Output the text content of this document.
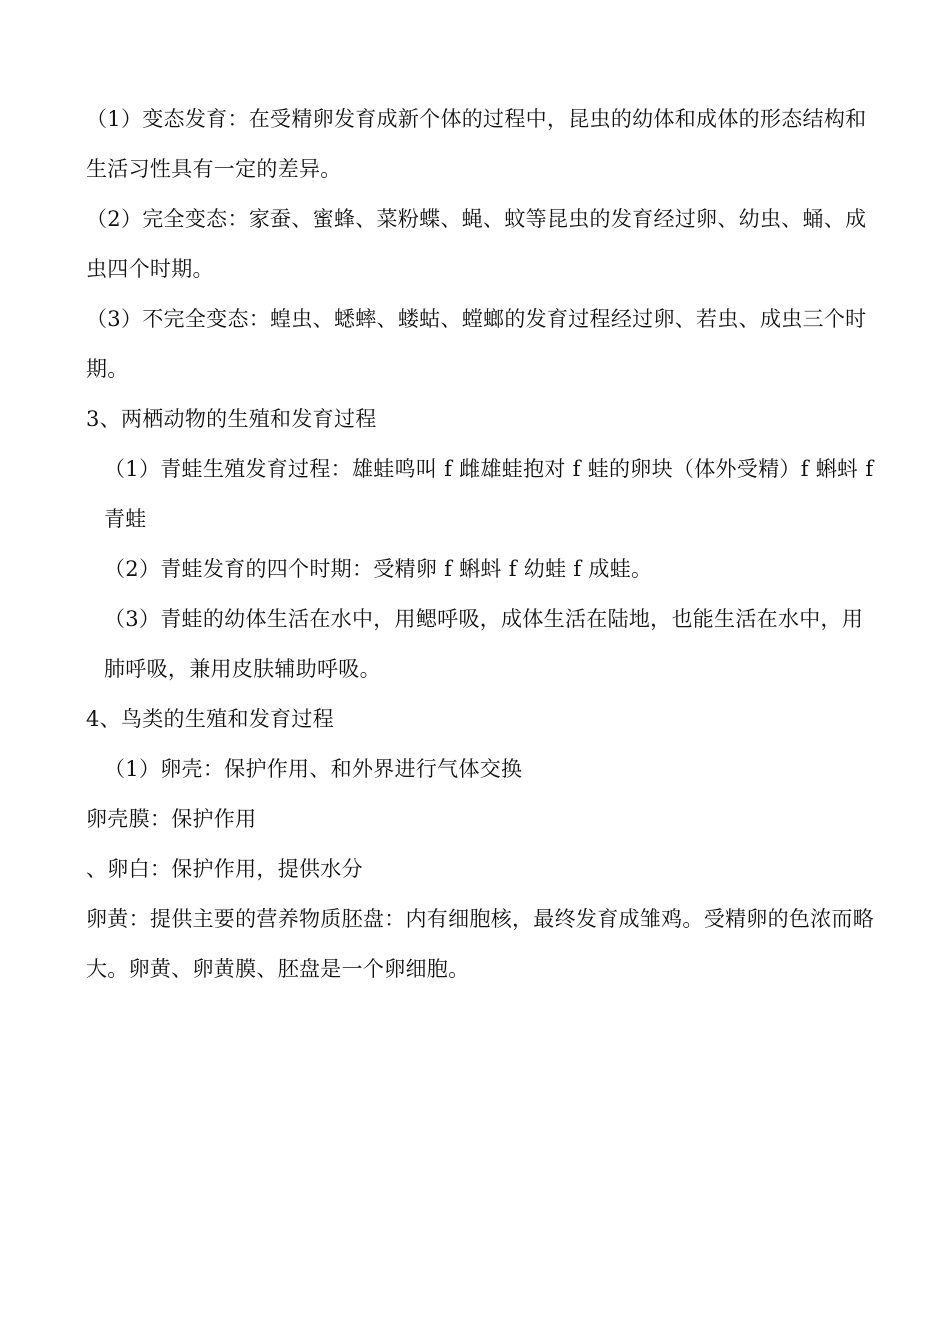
（1）变态发育：在受精卵发育成新个体的过程中，昆虫的幼体和成体的形态结构和生活习性具有一定的差异。

（2）完全变态：家蚕、蜜蜂、菜粉蝶、蝇、蚊等昆虫的发育经过卵、幼虫、蛹、成虫四个时期。

（3）不完全变态：蝗虫、蟋蟀、蝼蛄、螳螂的发育过程经过卵、若虫、成虫三个时期。

3、两栖动物的生殖和发育过程

（1）青蛙生殖发育过程：雄蛙鸣叫 f 雌雄蛙抱对 f 蛙的卵块（体外受精）f 蝌蚪 f 青蛙

（2）青蛙发育的四个时期：受精卵 f 蝌蚪 f 幼蛙 f 成蛙。

（3）青蛙的幼体生活在水中，用鳃呼吸，成体生活在陆地，也能生活在水中，用肺呼吸，兼用皮肤辅助呼吸。

4、鸟类的生殖和发育过程

（1）卵壳：保护作用、和外界进行气体交换

卵壳膜：保护作用

、卵白：保护作用，提供水分

卵黄：提供主要的营养物质胚盘：内有细胞核，最终发育成雏鸡。受精卵的色浓而略大。卵黄、卵黄膜、胚盘是一个卵细胞。
